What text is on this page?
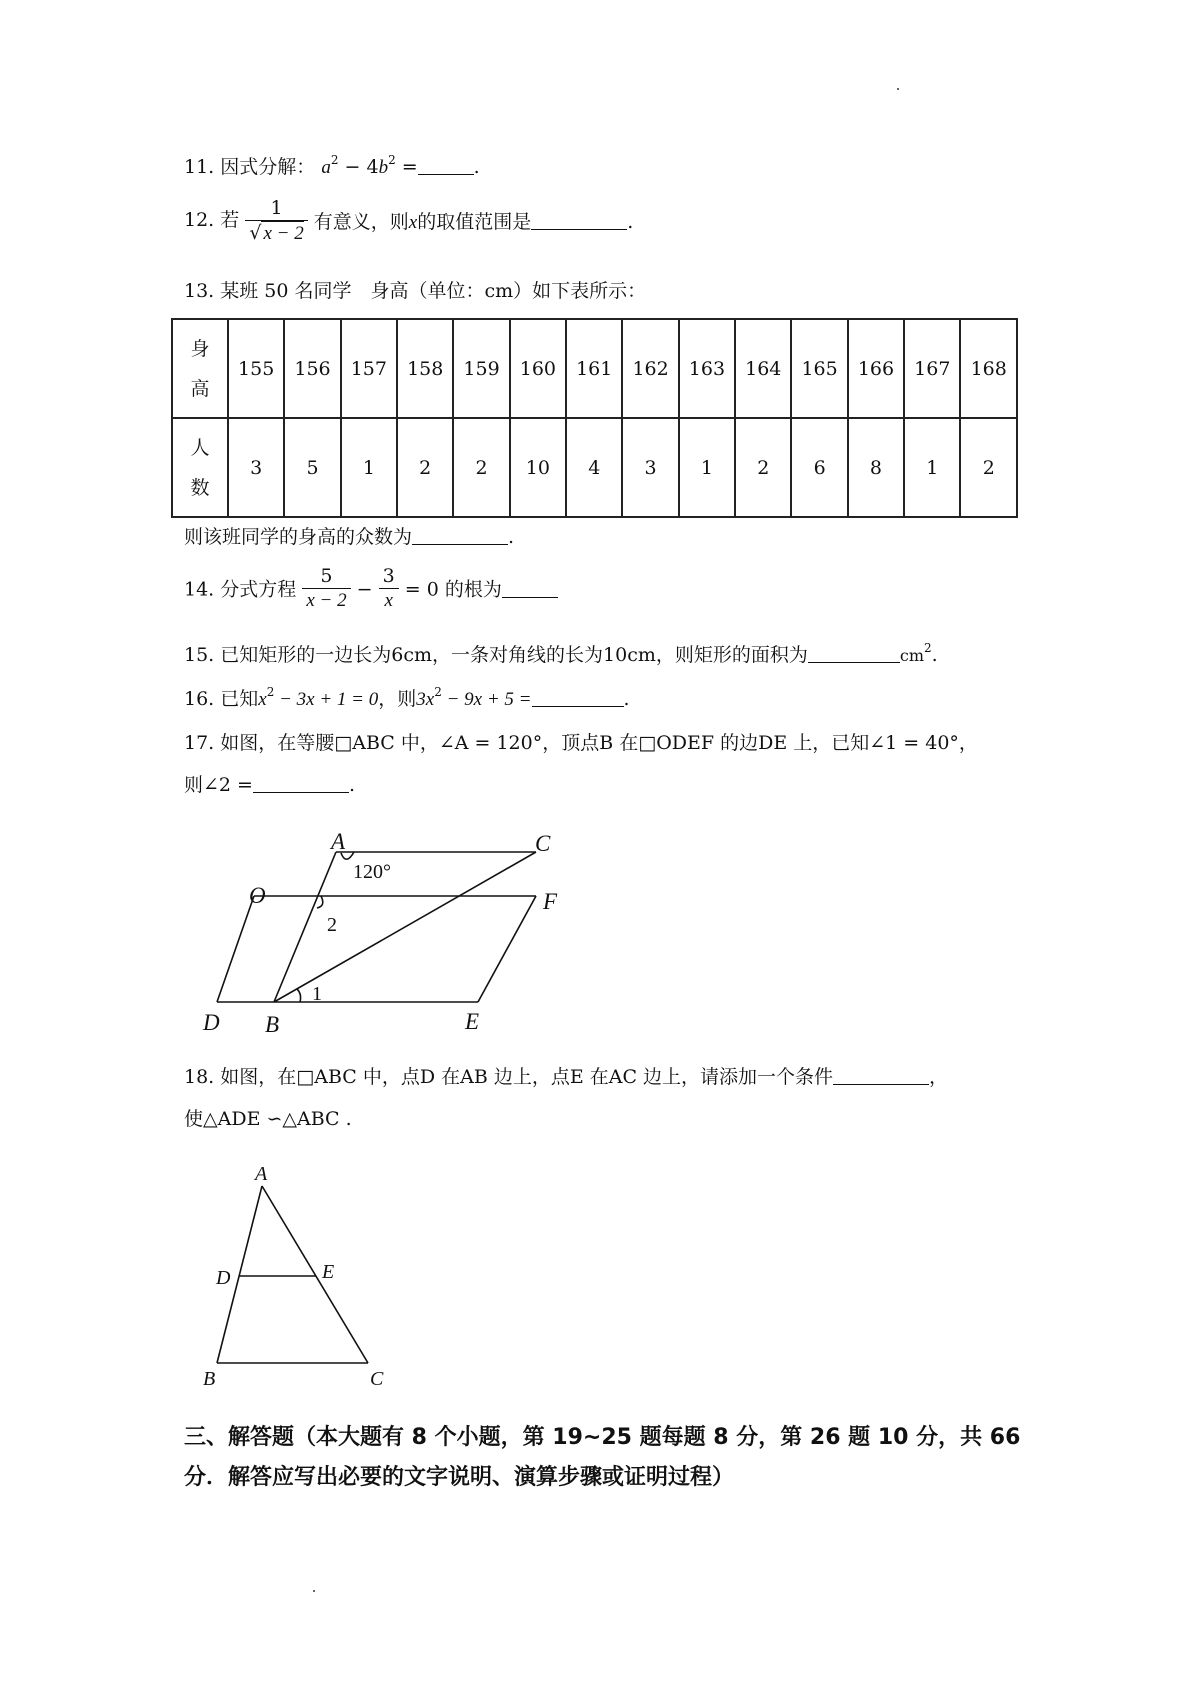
11. 因式分解： $a^2 - 4b^2$ =	.
12. 若 $\frac{1}{√ x - 2}$ 有意义，则x的取值范围是	.
13. 某班 50 名同学　身高（单位：cm）如下表所示：
身
高	155	156	157	158	159	160	161	162	163	164	165	166	167	168
人
数	3	5	1	2	2	10	4	3	1	2	6	8	1	2
则该班同学的身高的众数为	.
14. 分式方程 $\frac{5}{x - 2} - \frac{3}{x} = 0$ 的根为
15. 已知矩形的一边长为6cm，一条对角线的长为10cm，则矩形的面积为	$cm^2$.
16. 已知$x^2 - 3x + 1 = 0$，则$3x^2 - 9x + 5$ =	.
17. 如图，在等腰□ABC 中，∠A = 120°，顶点B 在□ODEF 的边DE 上，已知∠1 = 40°，
则∠2 =	.
A	C
O	F
D B	E
120°
2
1
18. 如图，在□ABC 中，点D 在AB 边上，点E 在AC 边上，请添加一个条件	，
使△ADE ∽△ABC .
A
D	E
B	C
三、解答题（本大题有 8 个小题，第 19~25 题每题 8 分，第 26 题 10 分，共 66
分．解答应写出必要的文字说明、演算步骤或证明过程）
